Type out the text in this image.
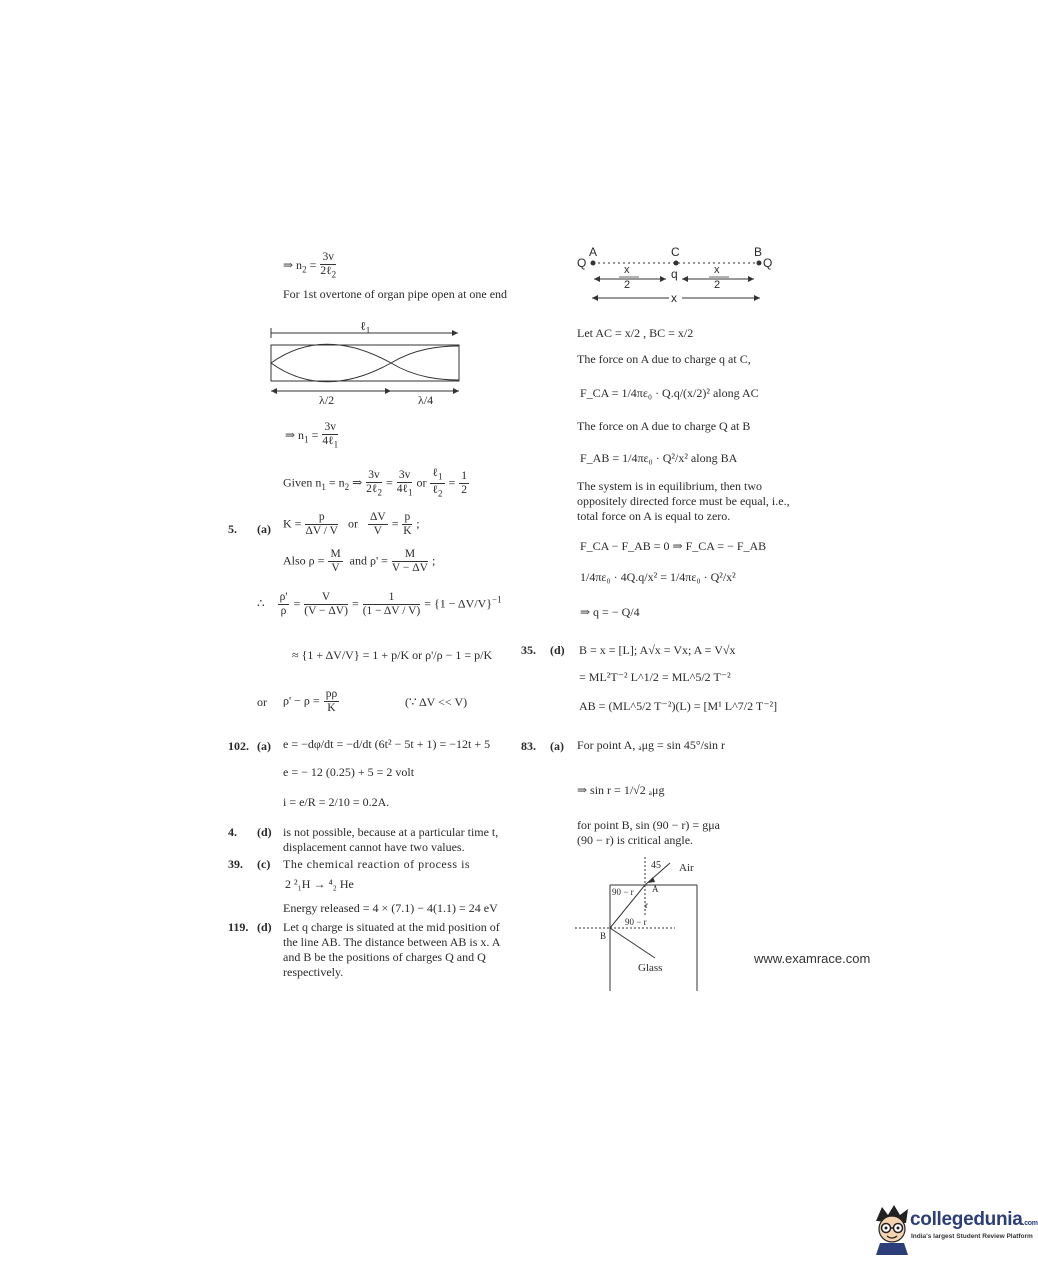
⇒ $n_2 = \frac{3v}{2\ell_2}$
For 1st overtone of organ pipe open at one end
ℓ$_1$
λ/2	λ/4
⇒ $n_1 = \frac{3v}{4\ell_1}$
Given $n_1 = n_2$ ⇒ $\frac{3v}{2\ell_2} = \frac{3v}{4\ell_1}$ or $\frac{\ell_1}{\ell_2} = \frac{1}{2}$
5. (a) $K = \frac{p}{\Delta V / V}$ or $\frac{\Delta V}{V} = \frac{p}{K}$ ;
Also $\rho = \frac{M}{V}$ and $\rho' = \frac{M}{V - \Delta V}$ ;
∴ $\frac{\rho'}{\rho} = \frac{V}{(V - \Delta V)} = \frac{1}{(1 - \Delta V / V)} = \{1 - \Delta V/V\}^{-1}$
≈ {1 + ΔV/V} = 1 + p/K or ρ'/ρ − 1 = p/K
or $\rho' - \rho = \frac{p\rho}{K}$	(∵ ΔV << V)
102. (a) e = −dφ/dt = −d/dt (6t² − 5t + 1) = −12t + 5
e = − 12 (0.25) + 5 = 2 volt
i = e/R = 2/10 = 0.2A.
4. (d) is not possible, because at a particular time t, displacement cannot have two values.
39. (c) The chemical reaction of process is
2 ²₁H → ⁴₂ He
Energy released = 4 × (7.1) − 4(1.1) = 24 eV
119. (d) Let q charge is situated at the mid position of the line AB. The distance between AB is x. A and B be the positions of charges Q and Q respectively.
A	C	B
Q
q
Q
x
2
x
2
x
Let AC = x/2 , BC = x/2
The force on A due to charge q at C,
F_CA = 1/4πε₀ · Q.q/(x/2)² along AC
The force on A due to charge Q at B
F_AB = 1/4πε₀ · Q²/x² along BA
The system is in equilibrium, then two oppositely directed force must be equal, i.e., total force on A is equal to zero.
F_CA − F_AB = 0 ⇒ F_CA = − F_AB
1/4πε₀ · 4Q.q/x² = 1/4πε₀ · Q²/x²
⇒ q = − Q/4
35. (d) B = x = [L]; A√x = Vx; A = V√x
= ML²T⁻² L^1/2 = ML^5/2 T⁻²
AB = (ML^5/2 T⁻²)(L) = [M¹ L^7/2 T⁻²]
83. (a) For point A, ₐμg = sin 45°/sin r
⇒ sin r = 1/√2 ₐμg
for point B, sin (90 − r) = gμa
(90 − r) is critical angle.
45 Air
90 − r A
r
90 − r
B
Glass
www.examrace.com
collegedunia.com
India's largest Student Review Platform
